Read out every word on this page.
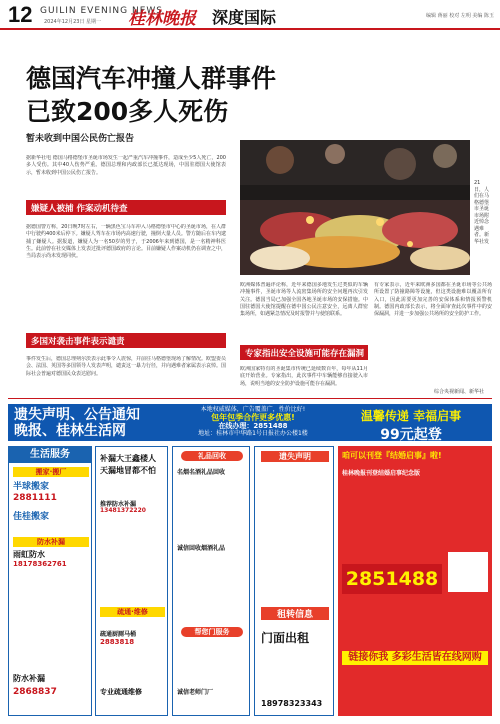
12 GUILIN EVENING NEWS
2024年12月23日 星期一 桂林晚报 深度国际	编辑 蒋丽 校对 左明 美编 陈玉
德国汽车冲撞人群事件
已致200多人死伤
暂未收到中国公民伤亡报告
据新华社电 德国马格德堡市圣诞市场发生一起严重汽车冲撞事件，造成至少5人死亡，200多人受伤。其中40人伤势严重。德国总理和内政部长已抵达现场，中国驻德国大使馆表示，暂未收到中国公民伤亡报告。
嫌疑人被捕 作案动机待查
据德国警方称，20日晚7时左右，一辆黑色宝马车冲入马格德堡市中心的圣诞市场，在人群中行驶约400米后停下。嫌疑人驾车在市场内高速行驶，撞倒大量人员。警方随后在车内逮捕了嫌疑人。据报道，嫌疑人为一名50岁的男子，于2006年来到德国，是一名精神科医生。此前曾在社交媒体上发表过批评德国政府的言论。目前嫌疑人作案动机仍在调查之中，当局表示尚未发现同伙。
多国对袭击事件表示谴责
事件发生后，德国总理朔尔茨表示此事令人震惊，并前往马格德堡现场了解情况。欧盟委员会、法国、英国等多国领导人发表声明，谴责这一暴力行径，并向遇难者家属表示哀悼。国际社会普遍对德国民众表达慰问。
21日，人们在马格德堡市圣诞市场附近悼念遇难者。新华社发
欧洲媒体普遍评论称，近年来德国多地发生过类似的车辆冲撞事件，圣诞市场等人流密集场所的安全问题再次引发关注。德国当局已加强全国各地圣诞市场的安保措施。中国驻德国大使馆提醒在德中国公民注意安全，远离人群密集场所，如遇紧急情况及时报警并与使馆联系。
专家指出安全设施可能存在漏洞
欧洲国家特有的圣诞集市传统已延续数百年，每年从11月底开始营业。专家指出，此次事件中车辆能够直接驶入市场，说明当地的安全防护设施可能存在漏洞。
有专家表示，近年来欧洲多国都在圣诞市场等公共场所设置了防撞路障等设施，但这类设施难以覆盖所有入口，因此需要更加完善的安保体系和情报预警机制。德国内政部长表示，将全面审查此次事件中的安保漏洞，并进一步加强公共场所的安全防护工作。
综合央视新闻、新华社
遗失声明、公告通知
晚报、桂林生活网
本地权威媒体，广告覆盖广，性价比好!
包年包季合作更多优惠!
在线办理：2851488
地址：桂林市中华路1号日报社办公楼1楼
温馨传递 幸福启事
99元起登
生活服务
搬家·搬厂
半球搬家
2881111
佳桂搬家
防水补漏
雨虹防水
18178362761
防水补漏
2868837
补漏大王鑫楼人
天漏地冒都不怕
推荐防水补漏
13481372220
疏通·维修
疏通厨厕马桶
2883818
专业疏通维修
礼品回收
名烟名酒礼品回收
诚信回收烟酒礼品
帮您门服务
诚信老师门厂
遗失声明
租转信息
门面出租
18978323343
咱可以刊登『结婚启事』啦!
桂林晚报刊登结婚启事纪念版
2851488
链接你我 多彩生活皆在线网购
